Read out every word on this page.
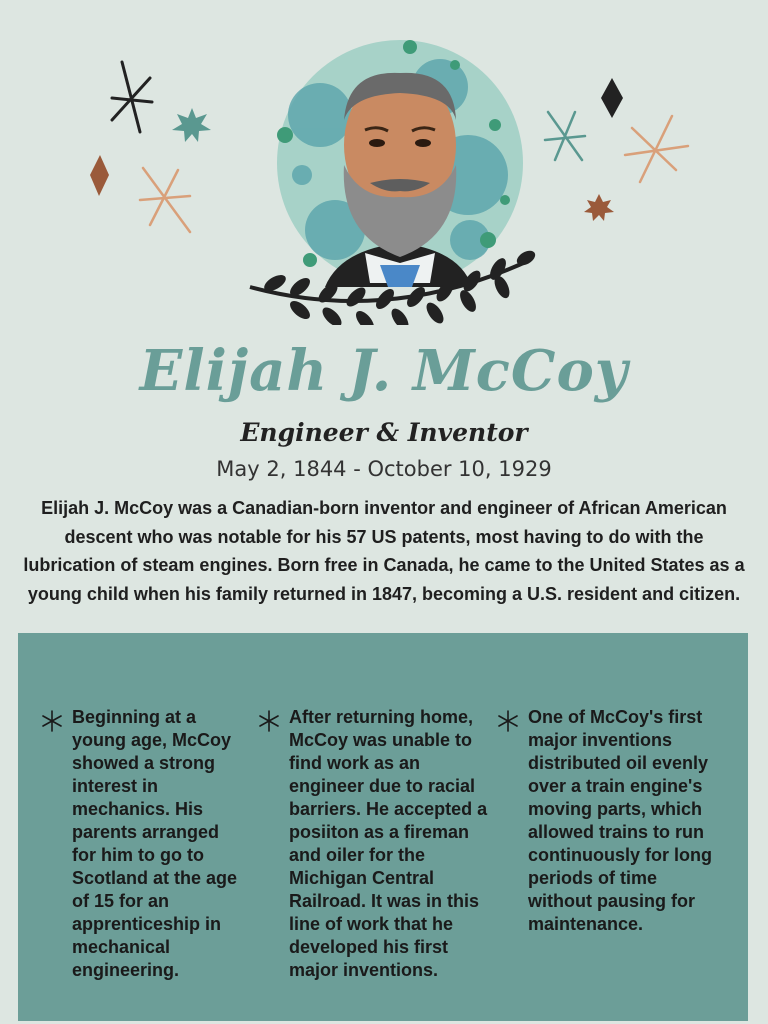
Elijah J. McCoy
Engineer & Inventor
May 2, 1844 - October 10, 1929
Elijah J. McCoy was a Canadian-born inventor and engineer of African American descent who was notable for his 57 US patents, most having to do with the lubrication of steam engines. Born free in Canada, he came to the United States as a young child when his family returned in 1847, becoming a U.S. resident and citizen.
Beginning at a young age, McCoy showed a strong interest in mechanics. His parents arranged for him to go to Scotland at the age of 15 for an apprenticeship in mechanical engineering.
After returning home, McCoy was unable to find work as an engineer due to racial barriers. He accepted a posiiton as a fireman and oiler for the Michigan Central Railroad. It was in this line of work that he developed his first major inventions.
One of McCoy's first major inventions distributed oil evenly over a train engine's moving parts, which allowed trains to run continuously for long periods of time without pausing for maintenance.
